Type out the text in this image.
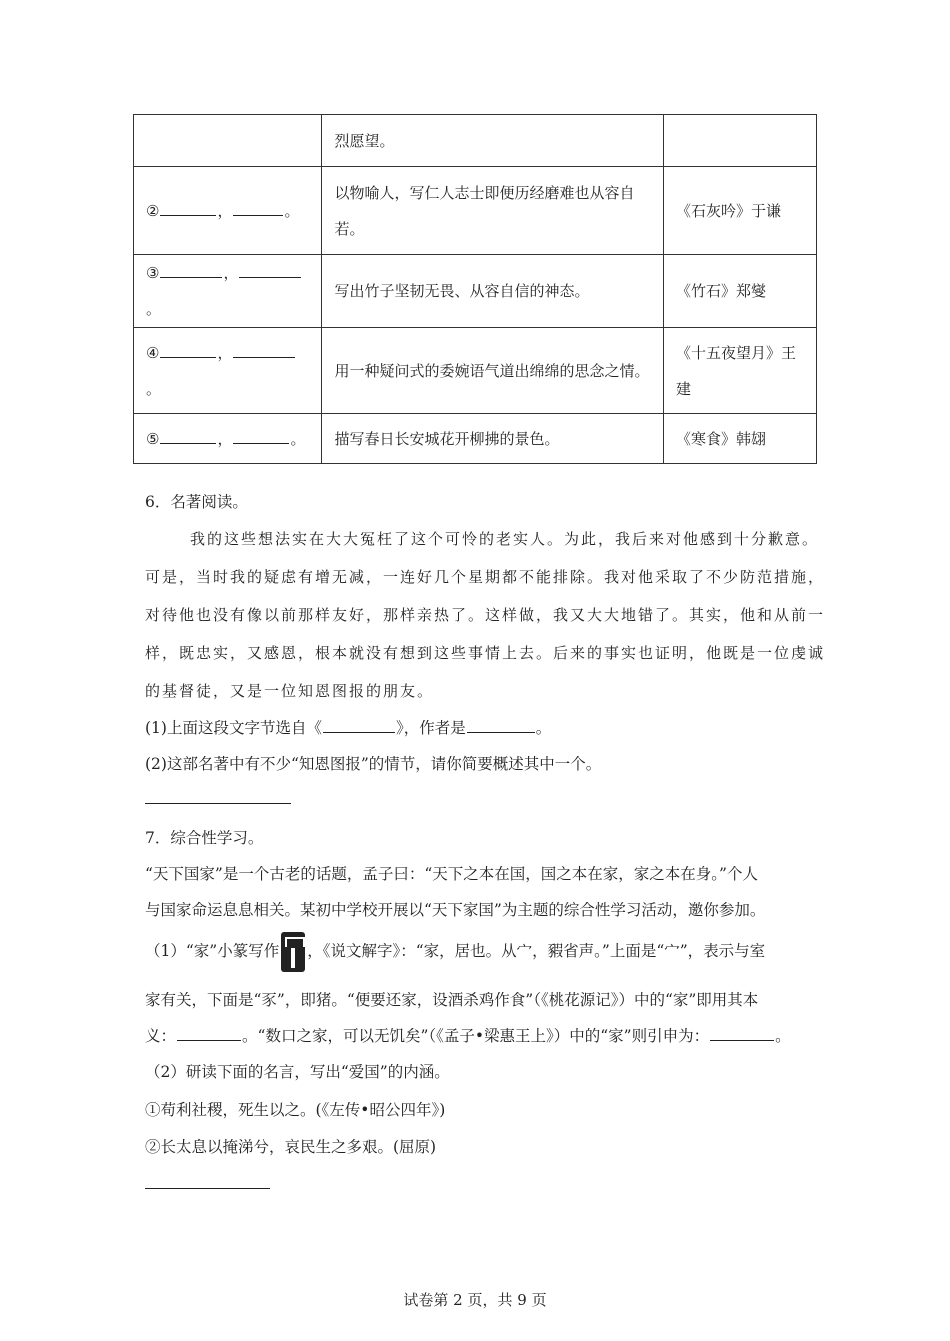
	烈愿望。	
② ， 。	以物喻人，写仁人志士即便历经磨难也从容自若。	《石灰吟》于谦
③ ，。	写出竹子坚韧无畏、从容自信的神态。	《竹石》郑燮
④ ，。	用一种疑问式的委婉语气道出绵绵的思念之情。	《十五夜望月》王建
⑤ ， 。	描写春日长安城花开柳拂的景色。	《寒食》韩翃
6．名著阅读。
我的这些想法实在大大冤枉了这个可怜的老实人。为此，我后来对他感到十分歉意。
可是，当时我的疑虑有增无减，一连好几个星期都不能排除。我对他采取了不少防范措施，
对待他也没有像以前那样友好，那样亲热了。这样做，我又大大地错了。其实，他和从前一
样，既忠实，又感恩，根本就没有想到这些事情上去。后来的事实也证明，他既是一位虔诚
的基督徒，又是一位知恩图报的朋友。
(1)上面这段文字节选自《	》，作者是	。
(2)这部名著中有不少“知恩图报”的情节，请你简要概述其中一个。
7．综合性学习。
“天下国家”是一个古老的话题，孟子曰：“天下之本在国，国之本在家，家之本在身。”个人
与国家命运息息相关。某初中学校开展以“天下家国”为主题的综合性学习活动，邀你参加。
（1）“家”小篆写作 ，《说文解字》：“家，居也。从宀，豭省声。”上面是“宀”，表示与室
家有关，下面是“豕”，即猪。“便要还家，设酒杀鸡作食”（《桃花源记》）中的“家”即用其本
义：	。“数口之家，可以无饥矣”（《孟子•梁惠王上》）中的“家”则引申为：	。
（2）研读下面的名言，写出“爱国”的内涵。
①苟利社稷，死生以之。(《左传•昭公四年》)
②长太息以掩涕兮，哀民生之多艰。(屈原)
试卷第 2 页，共 9 页
